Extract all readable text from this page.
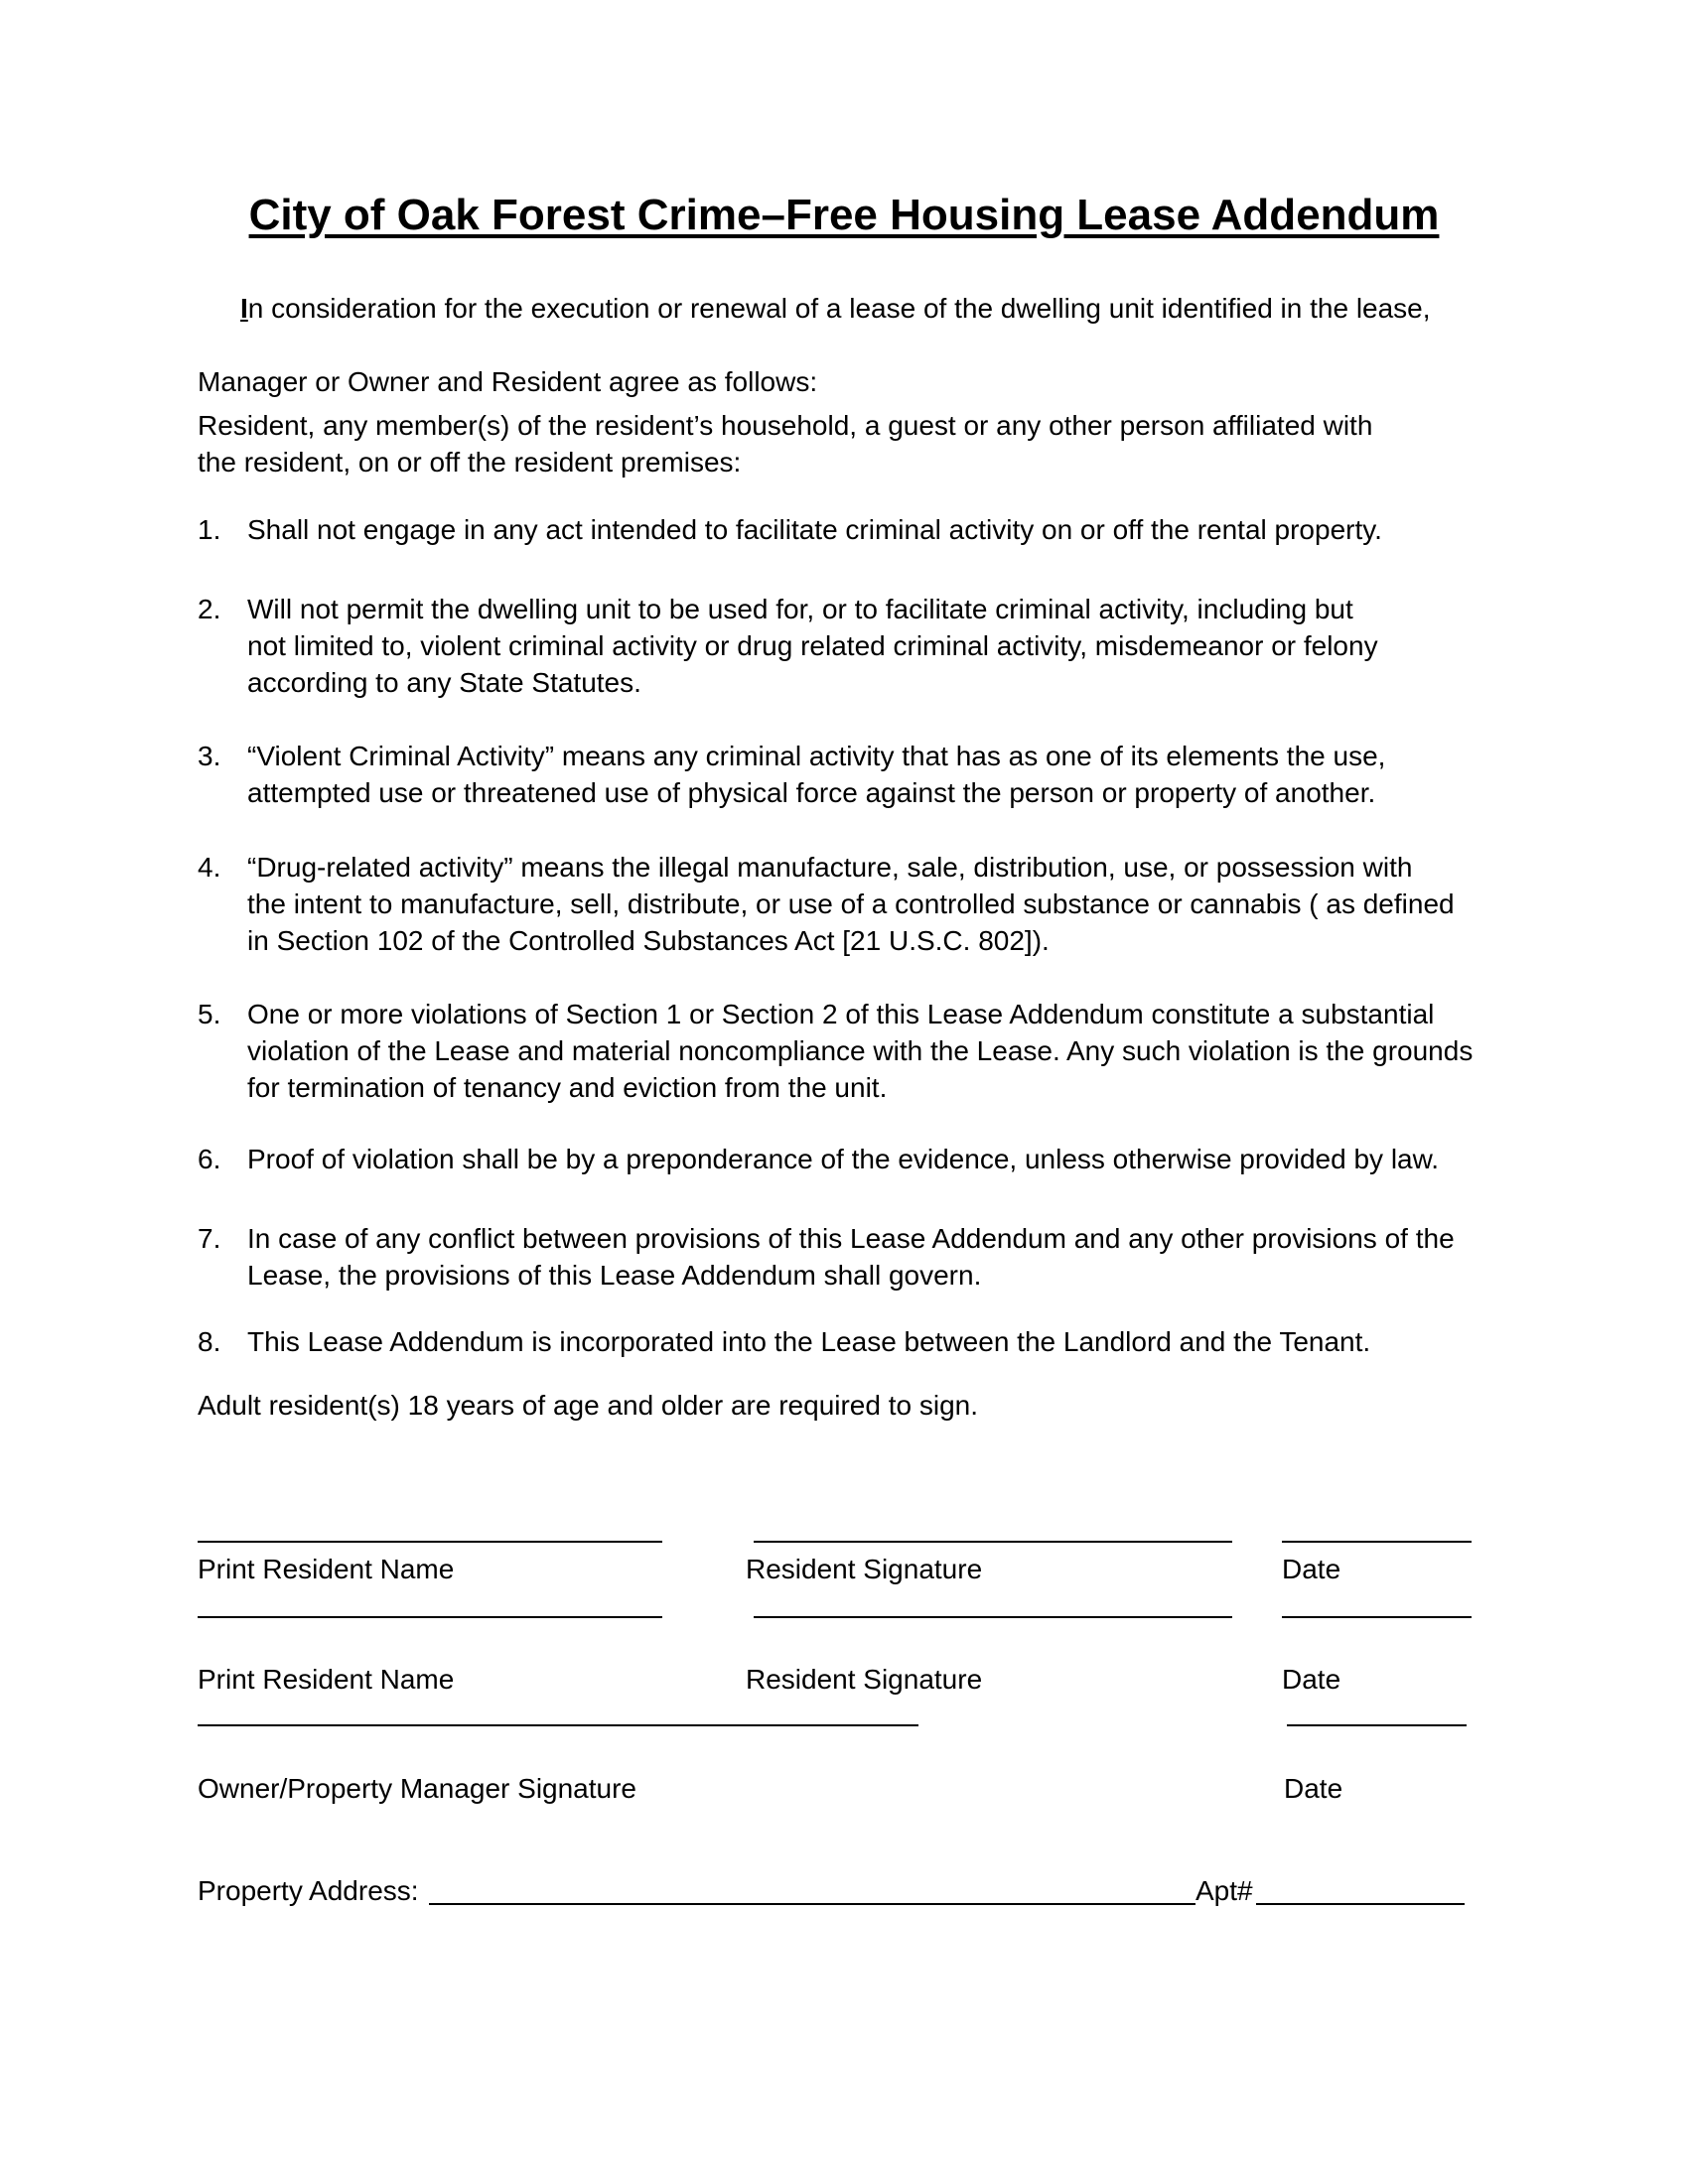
City of Oak Forest Crime–Free Housing Lease Addendum

In consideration for the execution or renewal of a lease of the dwelling unit identified in the lease,

Manager or Owner and Resident agree as follows:

Resident, any member(s) of the resident’s household, a guest or any other person affiliated with

the resident, on or off the resident premises:

1. Shall not engage in any act intended to facilitate criminal activity on or off the rental property.
2. Will not permit the dwelling unit to be used for, or to facilitate criminal activity, including but
not limited to, violent criminal activity or drug related criminal activity, misdemeanor or felony
according to any State Statutes.
3. “Violent Criminal Activity” means any criminal activity that has as one of its elements the use,
attempted use or threatened use of physical force against the person or property of another.
4. “Drug-related activity” means the illegal manufacture, sale, distribution, use, or possession with
the intent to manufacture, sell, distribute, or use of a controlled substance or cannabis ( as defined
in Section 102 of the Controlled Substances Act [21 U.S.C. 802]).
5. One or more violations of Section 1 or Section 2 of this Lease Addendum constitute a substantial
violation of the Lease and material noncompliance with the Lease. Any such violation is the grounds
for termination of tenancy and eviction from the unit.
6. Proof of violation shall be by a preponderance of the evidence, unless otherwise provided by law.
7. In case of any conflict between provisions of this Lease Addendum and any other provisions of the
Lease, the provisions of this Lease Addendum shall govern.
8. This Lease Addendum is incorporated into the Lease between the Landlord and the Tenant.

Adult resident(s) 18 years of age and older are required to sign.

Print Resident Name	Resident Signature	Date

Print Resident Name	Resident Signature	Date

Owner/Property Manager Signature	Date

Property Address:	Apt#
